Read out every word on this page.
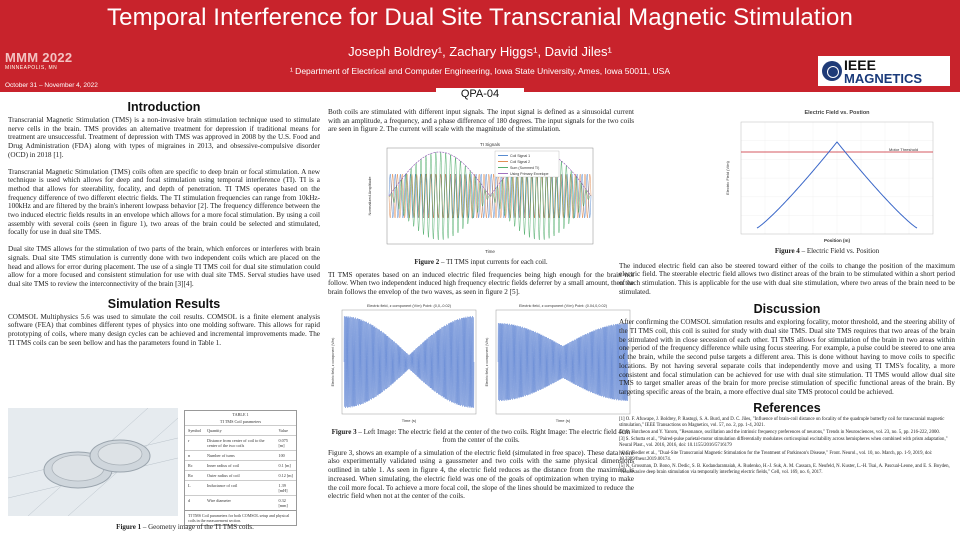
Temporal Interference for Dual Site Transcranial Magnetic Stimulation
MMM 2022
MINNEAPOLIS, MN
October 31 – November 4, 2022
Joseph Boldrey¹, Zachary Higgs¹, David Jiles¹
¹ Department of Electrical and Computer Engineering, Iowa State University, Ames, Iowa 50011, USA	IEEE
MAGNETICS
QPA-04
Introduction

Transcranial Magnetic Stimulation (TMS) is a non-invasive brain stimulation technique used to stimulate nerve cells in the brain. TMS provides an alternative treatment for depression if traditional means for treatment are unsuccessful. Treatment of depression with TMS was approved in 2008 by the U.S. Food and Drug Administration (FDA) along with types of migraines in 2013, and obsessive-compulsive disorder (OCD) in 2018 [1].

Transcranial Magnetic Stimulation (TMS) coils often are specific to deep brain or focal stimulation. A new technique is used which allows for deep and focal stimulation using temporal interference (TI). TI is a method that allows for steerability, focality, and depth of penetration. TI TMS operates based on the frequency difference of two different electric fields. The TI stimulation frequencies can range from 10kHz-100kHz and are filtered by the brain's inherent lowpass behavior [2]. The frequency difference between the two induced electric fields results in an envelope which allows for a more focal stimulation. By using a coil assembly with several coils (seen in figure 1), two areas of the brain could be selected and stimulated, focally for use in dual site TMS.

Dual site TMS allows for the stimulation of two parts of the brain, which enforces or interferes with brain signals. Dual site TMS stimulation is currently done with two independent coils which are placed on the head and allows for error during placement. The use of a single TI TMS coil for dual site stimulation could allow for a more focused and consistent stimulation for use with dual site TMS. Serval studies have used dual site TMS to review the interconnectivity of the brain [3][4].

Simulation Results

COMSOL Multiphysics 5.6 was used to simulate the coil results. COMSOL is a finite element analysis software (FEA) that combines different types of physics into one molding software. This allows for rapid prototyping of coils, where many design cycles can be achieved and incremental improvements made. The TI TMS coils can be seen bellow and has the parameters found in Table 1.

TABLE 1
TI TMS Coil parameters
Symbol	Quantity	Value
r	Distance from center of coil to the center of the two coils	0.075 [m]
n	Number of turns	100
Rc	Inner radius of coil	0.1 [m]
Ro	Outer radius of coil	0.12 [m]
L	Inductance of coil	1.39 [mH]
d	Wire diameter	0.32 [mm]
TI TMS Coil parameters for both COMSOL setup and physical coils in the measurement section.
Figure 1 – Geometry image of the TI TMS coils.

Both coils are stimulated with different input signals. The input signal is defined as a sinusoidal current with an amplitude, a frequency, and a phase difference of 180 degrees. The input signals for the two coils are seen in figure 2. The current will scale with the magnitude of the stimulation.

TI Signals
Time
Normalized Amplitude
Coil Signal 1
Coil Signal 2
Sum (Summed TI)
Using Primary Envelope
Figure 2 – TI TMS input currents for each coil.

TI TMS operates based on an induced electric filed frequencies being high enough for the brain not follow. When two independent induced high frequency electric fields deferrer by a small amount, then the brain follows the envelop of the two waves, as seen in figure 2 [5].

Electric field, z component (V/m) Point: (0,0,-0.02)
Time (s)
Electric field, z component (V/m)
Electric field, z component (V/m) Point: (0.04,0,0.02)
Time (s)
Electric field, z component (V/m)
Figure 3 – Left Image: The electric field at the center of the two coils. Right Image: The electric field 4cm from the center of the coils.

Figure 3, shows an example of a simulation of the electric field (simulated in free space). These data were also experimentally validated using a gaussmeter and two coils with the same physical dimensions outlined in table 1. As seen in figure 4, the electric field reduces as the distance from the maximum is increased. When simulating, the electric field was one of the goals of optimization when trying to make the coil more focal. To achieve a more focal coil, the slope of the lines should be maximized to reduce the electric field when not at the center of the coils.

Electric Field vs. Postion
Motor Threshold
Position (m)
Electric Field (V/m)
Figure 4 – Electric Field vs. Position

The induced electric field can also be steered toward either of the coils to change the position of the maximum electric field. The steerable electric field allows two distinct areas of the brain to be stimulated within a short period of each stimulation. This is applicable for the use with dual site stimulation, where two areas of the brain need to be stimulated.

Discussion

After confirming the COMSOL simulation results and exploring focality, motor threshold, and the steering ability of the TI TMS coil, this coil is suited for study with dual site TMS. Dual site TMS requires that two areas of the brain be stimulated with in close secession of each other. TI TMS allows for stimulation of the brain in two areas within one period of the frequency difference while using focus steering. For example, a pulse could be steered to one area of the brain, while the second pulse targets a different area. This is done without having to move coils to specific locations. By not having several separate coils that independently move and using TI TMS's focality, a more consistent and focal stimulation can be achieved for use with dual site stimulation. TI TMS would allow dual site TMS to target smaller areas of the brain for more precise stimulation of specific functional areas of the brain. By targeting specific areas of the brain, a more effective dual site TMS protocol could be achieved.

References

[1] O. F. Afuwape, J. Boldrey, P. Rastogi, S. A. Burd, and D. C. Jiles, "Influence of brain-coil distance on focality of the quadruple butterfly coil for transcranial magnetic stimulation," IEEE Transactions on Magnetics, vol. 57, no. 2, pp. 1-4, 2021.

[2] B. Hutcheon and Y. Yarom, "Resonance, oscillation and the intrinsic frequency preferences of neurons," Trends in Neurosciences, vol. 23, no. 5, pp. 216-222, 2000.

[3] S. Schutta et al., "Paired-pulse parietal-motor stimulation differentially modulates corticospinal excitability across hemispheres when combined with prism adaptation," Neural Plast., vol. 2016, 2016, doi: 10.1155/2016/5716179

[4] C. Fiedler et al., "Dual-Site Transcranial Magnetic Stimulation for the Treatment of Parkinson's Disease," Front. Neurol., vol. 10, no. March, pp. 1-9, 2019, doi: 10.3389/fneur.2019.00174.

[5] N. Grossman, D. Bono, N. Dedic, S. B. Kodandaramaiah, A. Rudenko, H.-J. Suk, A. M. Cassara, E. Neufeld, N. Kuster, L.-H. Tsai, A. Pascual-Leone, and E. S. Boyden, "Noninvasive deep brain stimulation via temporally interfering electric fields," Cell, vol. 169, no. 6, 2017.
